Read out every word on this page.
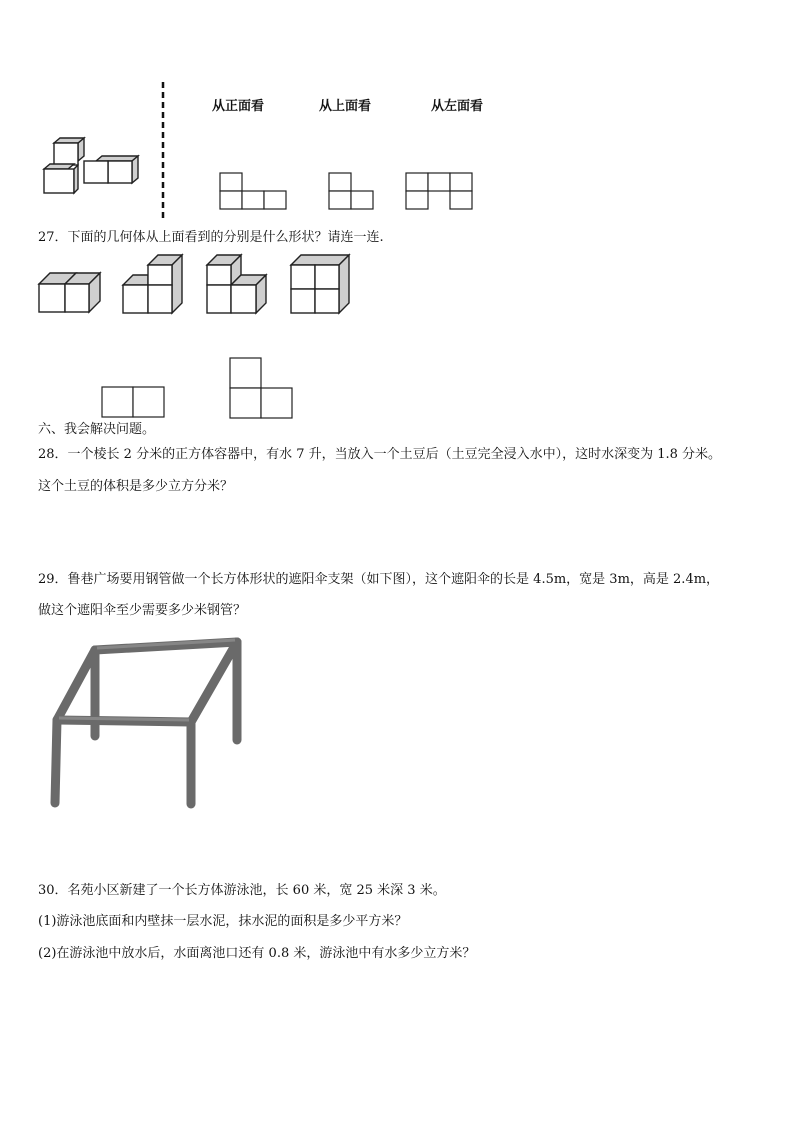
从正面看	从上面看	从左面看
27．下面的几何体从上面看到的分别是什么形状？请连一连.
六、我会解决问题。
28．一个棱长 2 分米的正方体容器中，有水 7 升，当放入一个土豆后（土豆完全浸入水中），这时水深变为 1.8 分米。
这个土豆的体积是多少立方分米？
29．鲁巷广场要用钢管做一个长方体形状的遮阳伞支架（如下图），这个遮阳伞的长是 4.5m，宽是 3m，高是 2.4m，
做这个遮阳伞至少需要多少米钢管？
30．名苑小区新建了一个长方体游泳池，长 60 米，宽 25 米深 3 米。
(1)游泳池底面和内壁抹一层水泥，抹水泥的面积是多少平方米？
(2)在游泳池中放水后，水面离池口还有 0.8 米，游泳池中有水多少立方米？
